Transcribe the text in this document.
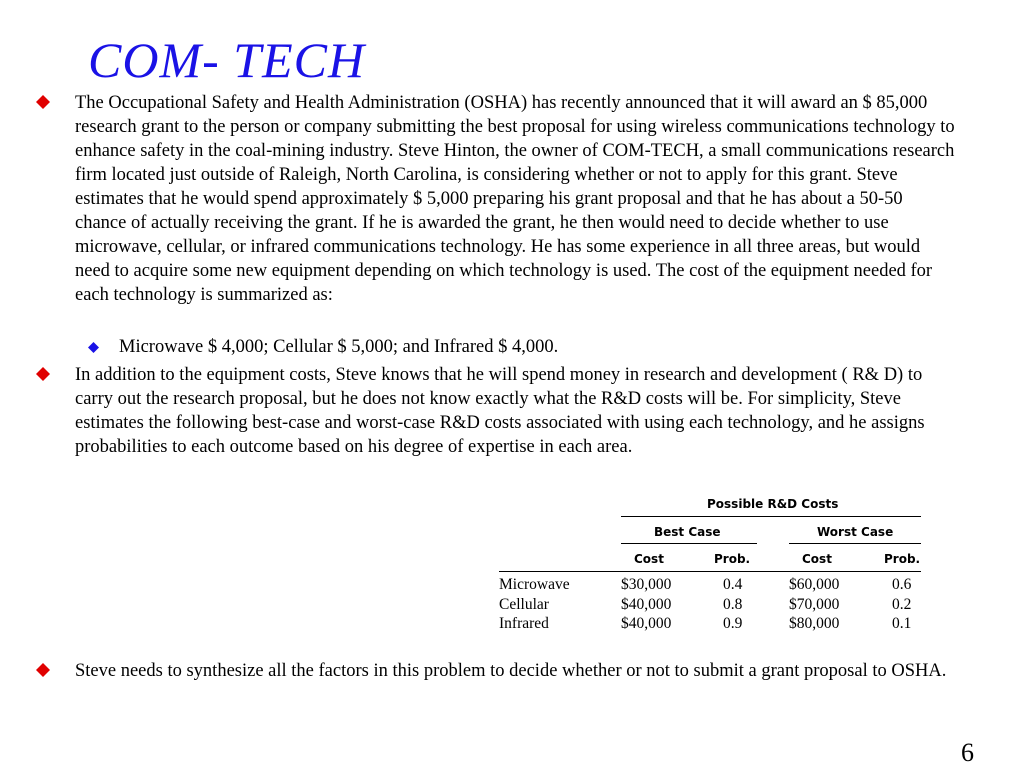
COM- TECH
The Occupational Safety and Health Administration (OSHA) has recently announced that it will award an $ 85,000 research grant to the person or company submitting the best proposal for using wireless communications technology to enhance safety in the coal-mining industry. Steve Hinton, the owner of COM-TECH, a small communications research firm located just outside of Raleigh, North Carolina, is considering whether or not to apply for this grant. Steve estimates that he would spend approximately $ 5,000 preparing his grant proposal and that he has about a 50-50 chance of actually receiving the grant. If he is awarded the grant, he then would need to decide whether to use microwave, cellular, or infrared communications technology. He has some experience in all three areas, but would need to acquire some new equipment depending on which technology is used. The cost of the equipment needed for each technology is summarized as:
Microwave $ 4,000; Cellular $ 5,000; and Infrared $ 4,000.
In addition to the equipment costs, Steve knows that he will spend money in research and development ( R& D) to carry out the research proposal, but he does not know exactly what the R&D costs will be. For simplicity, Steve estimates the following best-case and worst-case R&D costs associated with using each technology, and he assigns probabilities to each outcome based on his degree of expertise in each area.
Possible R&D Costs
Best Case	Worst Case
Cost	Prob.	Cost	Prob.
Microwave	$30,000	0.4	$60,000	0.6
Cellular	$40,000	0.8	$70,000	0.2
Infrared	$40,000	0.9	$80,000	0.1
Steve needs to synthesize all the factors in this problem to decide whether or not to submit a grant proposal to OSHA.
6
